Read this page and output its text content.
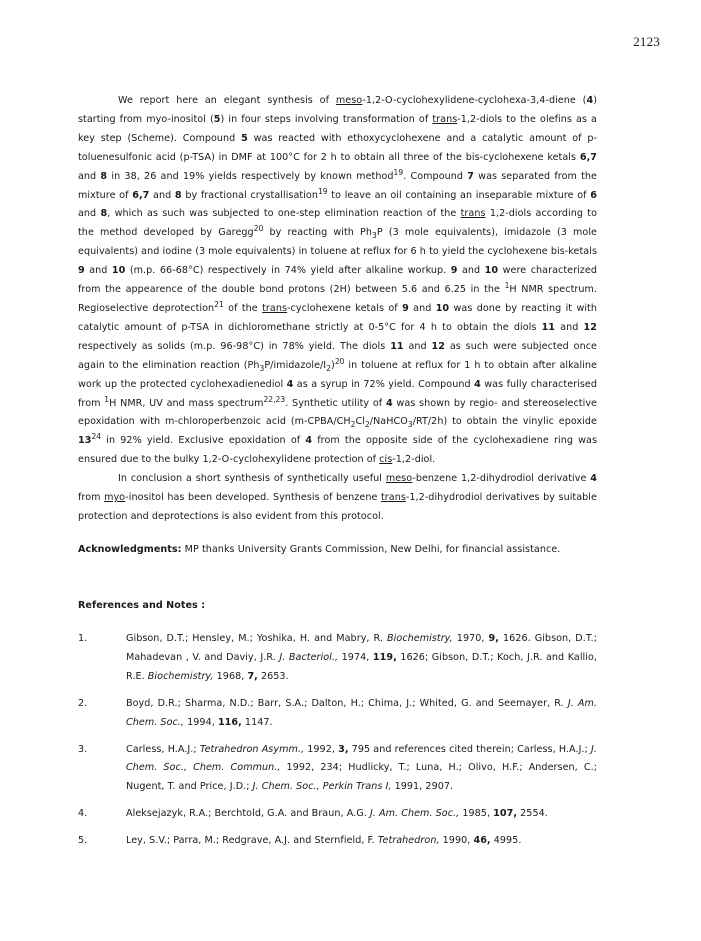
2123

We report here an elegant synthesis of meso-1,2-O-cyclohexylidene-cyclohexa-3,4-diene (4) starting from myo-inositol (5) in four steps involving transformation of trans-1,2-diols to the olefins as a key step (Scheme). Compound 5 was reacted with ethoxycyclohexene and a catalytic amount of p-toluenesulfonic acid (p-TSA) in DMF at 100°C for 2 h to obtain all three of the bis-cyclohexene ketals 6,7 and 8 in 38, 26 and 19% yields respectively by known method$^{19}$. Compound 7 was separated from the mixture of 6,7 and 8 by fractional crystallisation$^{19}$ to leave an oil containing an inseparable mixture of 6 and 8, which as such was subjected to one-step elimination reaction of the trans 1,2-diols according to the method developed by Garegg$^{20}$ by reacting with $Ph_3P$ (3 mole equivalents), imidazole (3 mole equivalents) and iodine (3 mole equivalents) in toluene at reflux for 6 h to yield the cyclohexene bis-ketals 9 and 10 (m.p. 66-68°C) respectively in 74% yield after alkaline workup. 9 and 10 were characterized from the appearence of the double bond protons (2H) between 5.6 and 6.25 in the $^1$H NMR spectrum. Regioselective deprotection$^{21}$ of the trans-cyclohexene ketals of 9 and 10 was done by reacting it with catalytic amount of p-TSA in dichloromethane strictly at 0-5°C for 4 h to obtain the diols 11 and 12 respectively as solids (m.p. 96-98°C) in 78% yield. The diols 11 and 12 as such were subjected once again to the elimination reaction $(Ph_3P/imidazole/I_2)^{20}$ in toluene at reflux for 1 h to obtain after alkaline work up the protected cyclohexadienediol 4 as a syrup in 72% yield. Compound 4 was fully characterised from $^1$H NMR, UV and mass spectrum$^{22,23}$. Synthetic utility of 4 was shown by regio- and stereoselective epoxidation with m-chloroperbenzoic acid $(m-CPBA/CH_2Cl_2/NaHCO_3/RT/2h)$ to obtain the vinylic epoxide $13^{24}$ in 92% yield. Exclusive epoxidation of 4 from the opposite side of the cyclohexadiene ring was ensured due to the bulky 1,2-O-cyclohexylidene protection of cis-1,2-diol.

In conclusion a short synthesis of synthetically useful meso-benzene 1,2-dihydrodiol derivative 4 from myo-inositol has been developed. Synthesis of benzene trans-1,2-dihydrodiol derivatives by suitable protection and deprotections is also evident from this protocol.

Acknowledgments: MP thanks University Grants Commission, New Delhi, for financial assistance.

References and Notes :
1.	Gibson, D.T.; Hensley, M.; Yoshika, H. and Mabry, R. Biochemistry, 1970, 9, 1626. Gibson, D.T.; Mahadevan , V. and Daviy, J.R. J. Bacteriol., 1974, 119, 1626; Gibson, D.T.; Koch, J.R. and Kallio, R.E. Biochemistry, 1968, 7, 2653.
2.	Boyd, D.R.; Sharma, N.D.; Barr, S.A.; Dalton, H.; Chima, J.; Whited, G. and Seemayer, R. J. Am. Chem. Soc., 1994, 116, 1147.
3.	Carless, H.A.J.; Tetrahedron Asymm., 1992, 3, 795 and references cited therein; Carless, H.A.J.; J. Chem. Soc., Chem. Commun., 1992, 234; Hudlicky, T.; Luna, H.; Olivo, H.F.; Andersen, C.; Nugent, T. and Price, J.D.; J. Chem. Soc., Perkin Trans I, 1991, 2907.
4.	Aleksejazyk, R.A.; Berchtold, G.A. and Braun, A.G. J. Am. Chem. Soc., 1985, 107, 2554.
5.	Ley, S.V.; Parra, M.; Redgrave, A.J. and Sternfield, F. Tetrahedron, 1990, 46, 4995.
